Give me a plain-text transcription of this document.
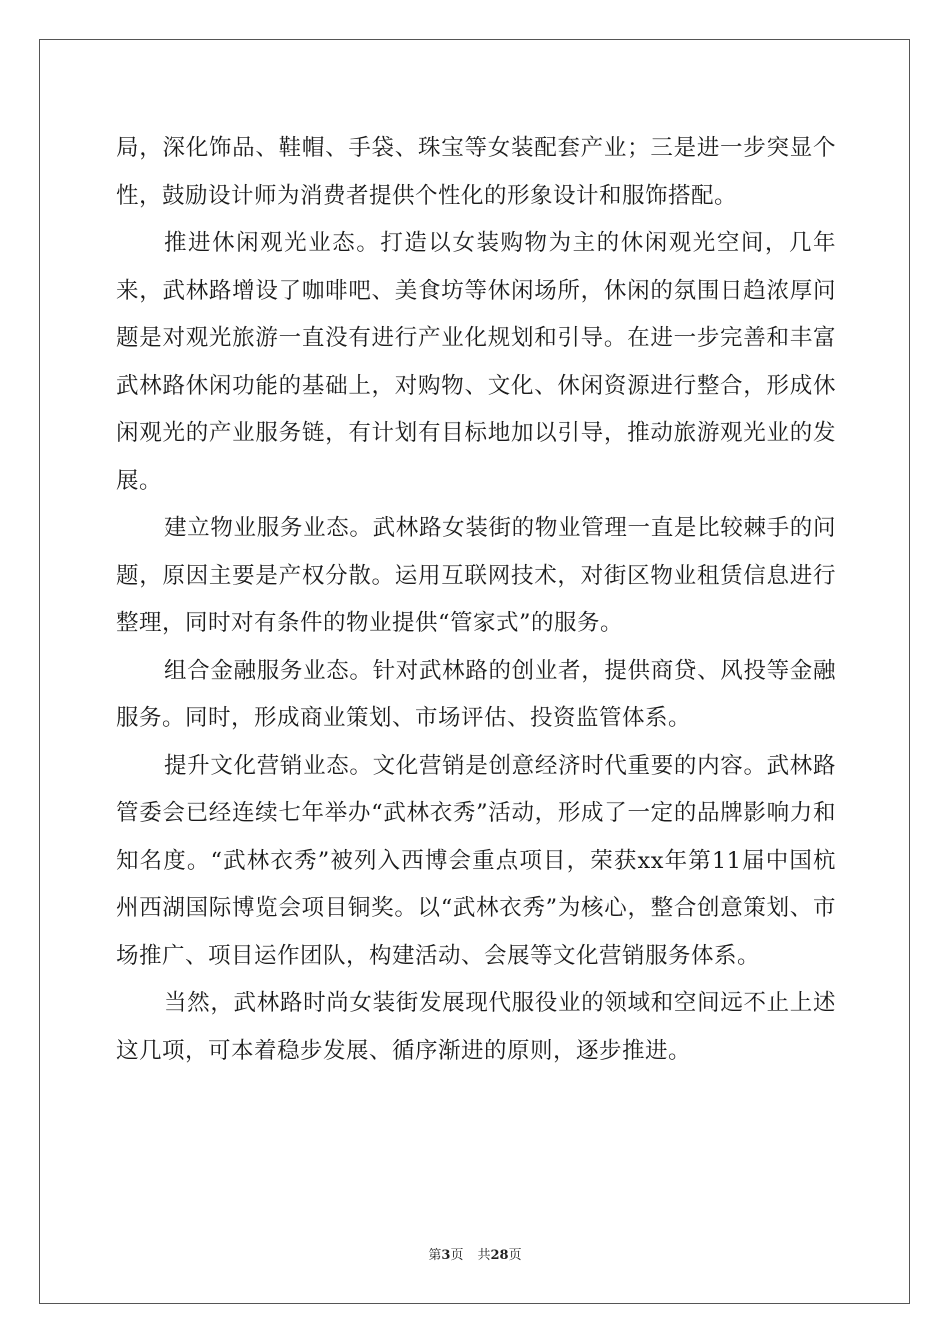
局，深化饰品、鞋帽、手袋、珠宝等女装配套产业；三是进一步突显个性，鼓励设计师为消费者提供个性化的形象设计和服饰搭配。

推进休闲观光业态。打造以女装购物为主的休闲观光空间，几年来，武林路增设了咖啡吧、美食坊等休闲场所，休闲的氛围日趋浓厚问题是对观光旅游一直没有进行产业化规划和引导。在进一步完善和丰富武林路休闲功能的基础上，对购物、文化、休闲资源进行整合，形成休闲观光的产业服务链，有计划有目标地加以引导，推动旅游观光业的发展。

建立物业服务业态。武林路女装街的物业管理一直是比较棘手的问题，原因主要是产权分散。运用互联网技术，对街区物业租赁信息进行整理，同时对有条件的物业提供“管家式”的服务。

组合金融服务业态。针对武林路的创业者，提供商贷、风投等金融服务。同时，形成商业策划、市场评估、投资监管体系。

提升文化营销业态。文化营销是创意经济时代重要的内容。武林路管委会已经连续七年举办“武林衣秀”活动，形成了一定的品牌影响力和知名度。“武林衣秀”被列入西博会重点项目，荣获xx年第11届中国杭州西湖国际博览会项目铜奖。以“武林衣秀”为核心，整合创意策划、市场推广、项目运作团队，构建活动、会展等文化营销服务体系。

当然，武林路时尚女装街发展现代服役业的领域和空间远不止上述这几项，可本着稳步发展、循序渐进的原则，逐步推进。

第3页 共28页
